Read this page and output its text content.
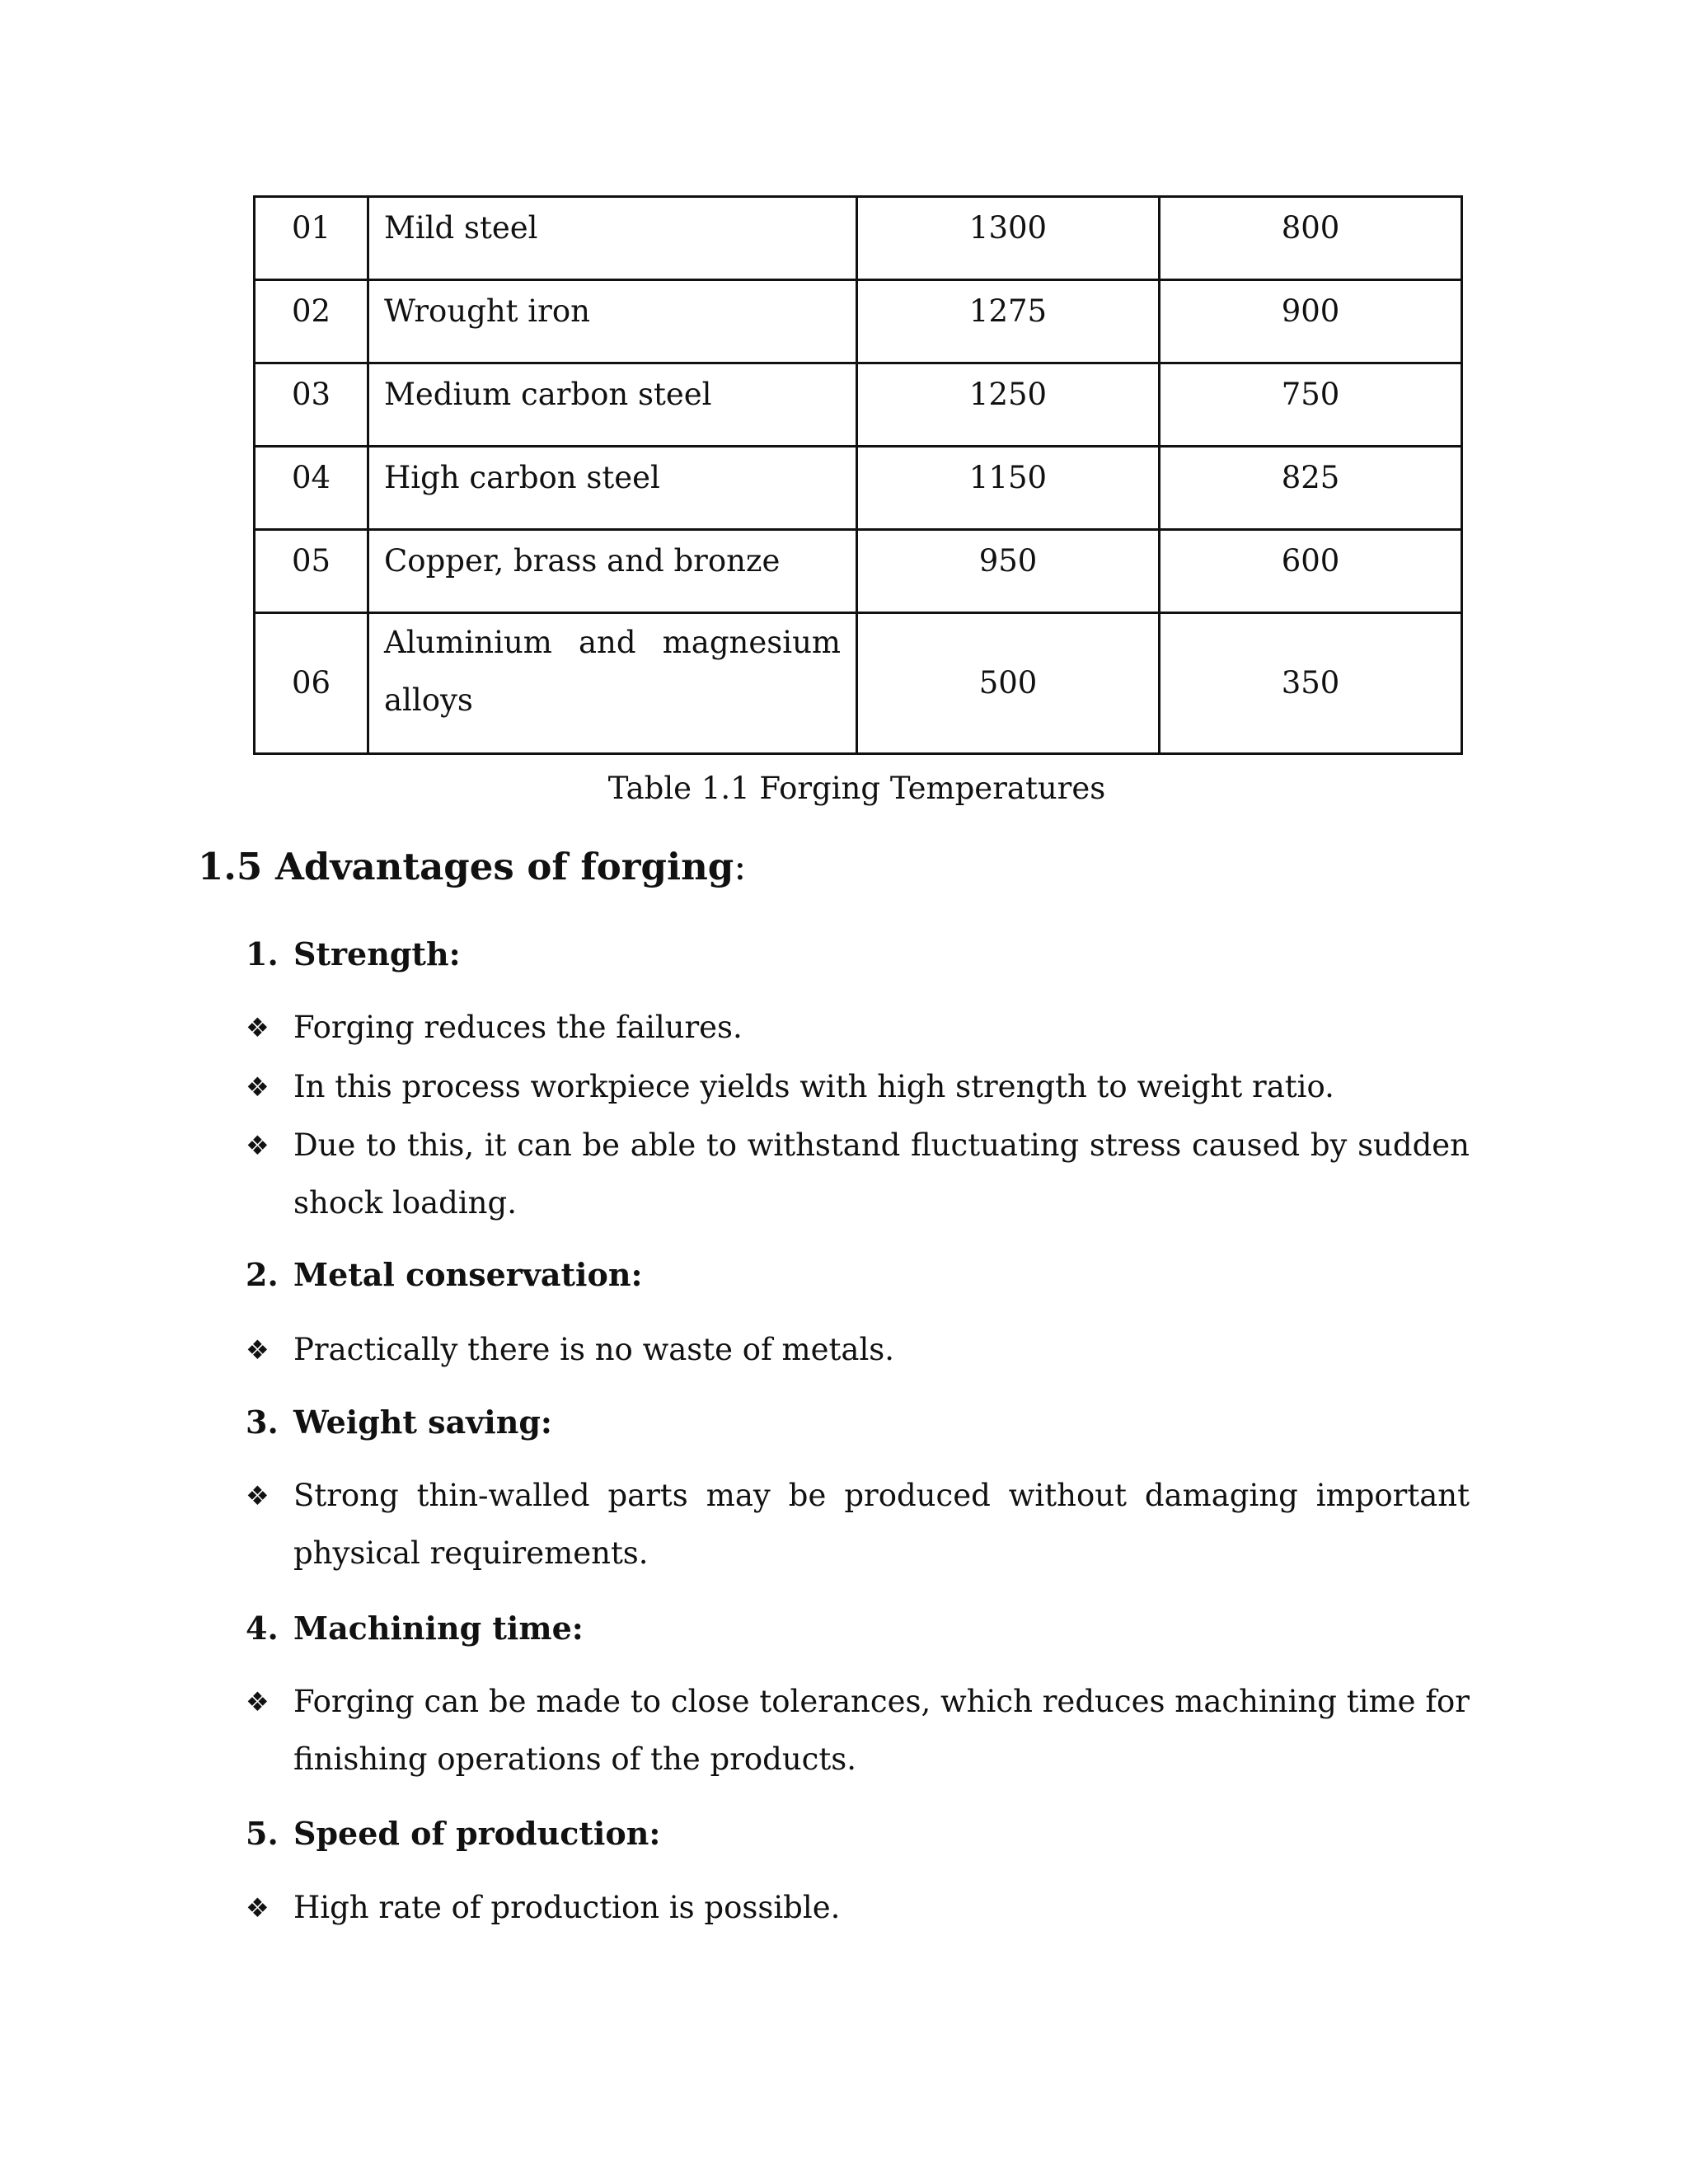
01	Mild steel	1300	800
02	Wrought iron	1275	900
03	Medium carbon steel	1250	750
04	High carbon steel	1150	825
05	Copper, brass and bronze	950	600
06	Aluminium and magnesium alloys	500	350
Table 1.1 Forging Temperatures
1.5 Advantages of forging:
1. Strength:
❖ Forging reduces the failures.
❖ In this process workpiece yields with high strength to weight ratio.
❖ Due to this, it can be able to withstand fluctuating stress caused by sudden shock loading.
2. Metal conservation:
❖ Practically there is no waste of metals.
3. Weight saving:
❖ Strong thin-walled parts may be produced without damaging important physical requirements.
4. Machining time:
❖ Forging can be made to close tolerances, which reduces machining time for finishing operations of the products.
5. Speed of production:
❖ High rate of production is possible.
